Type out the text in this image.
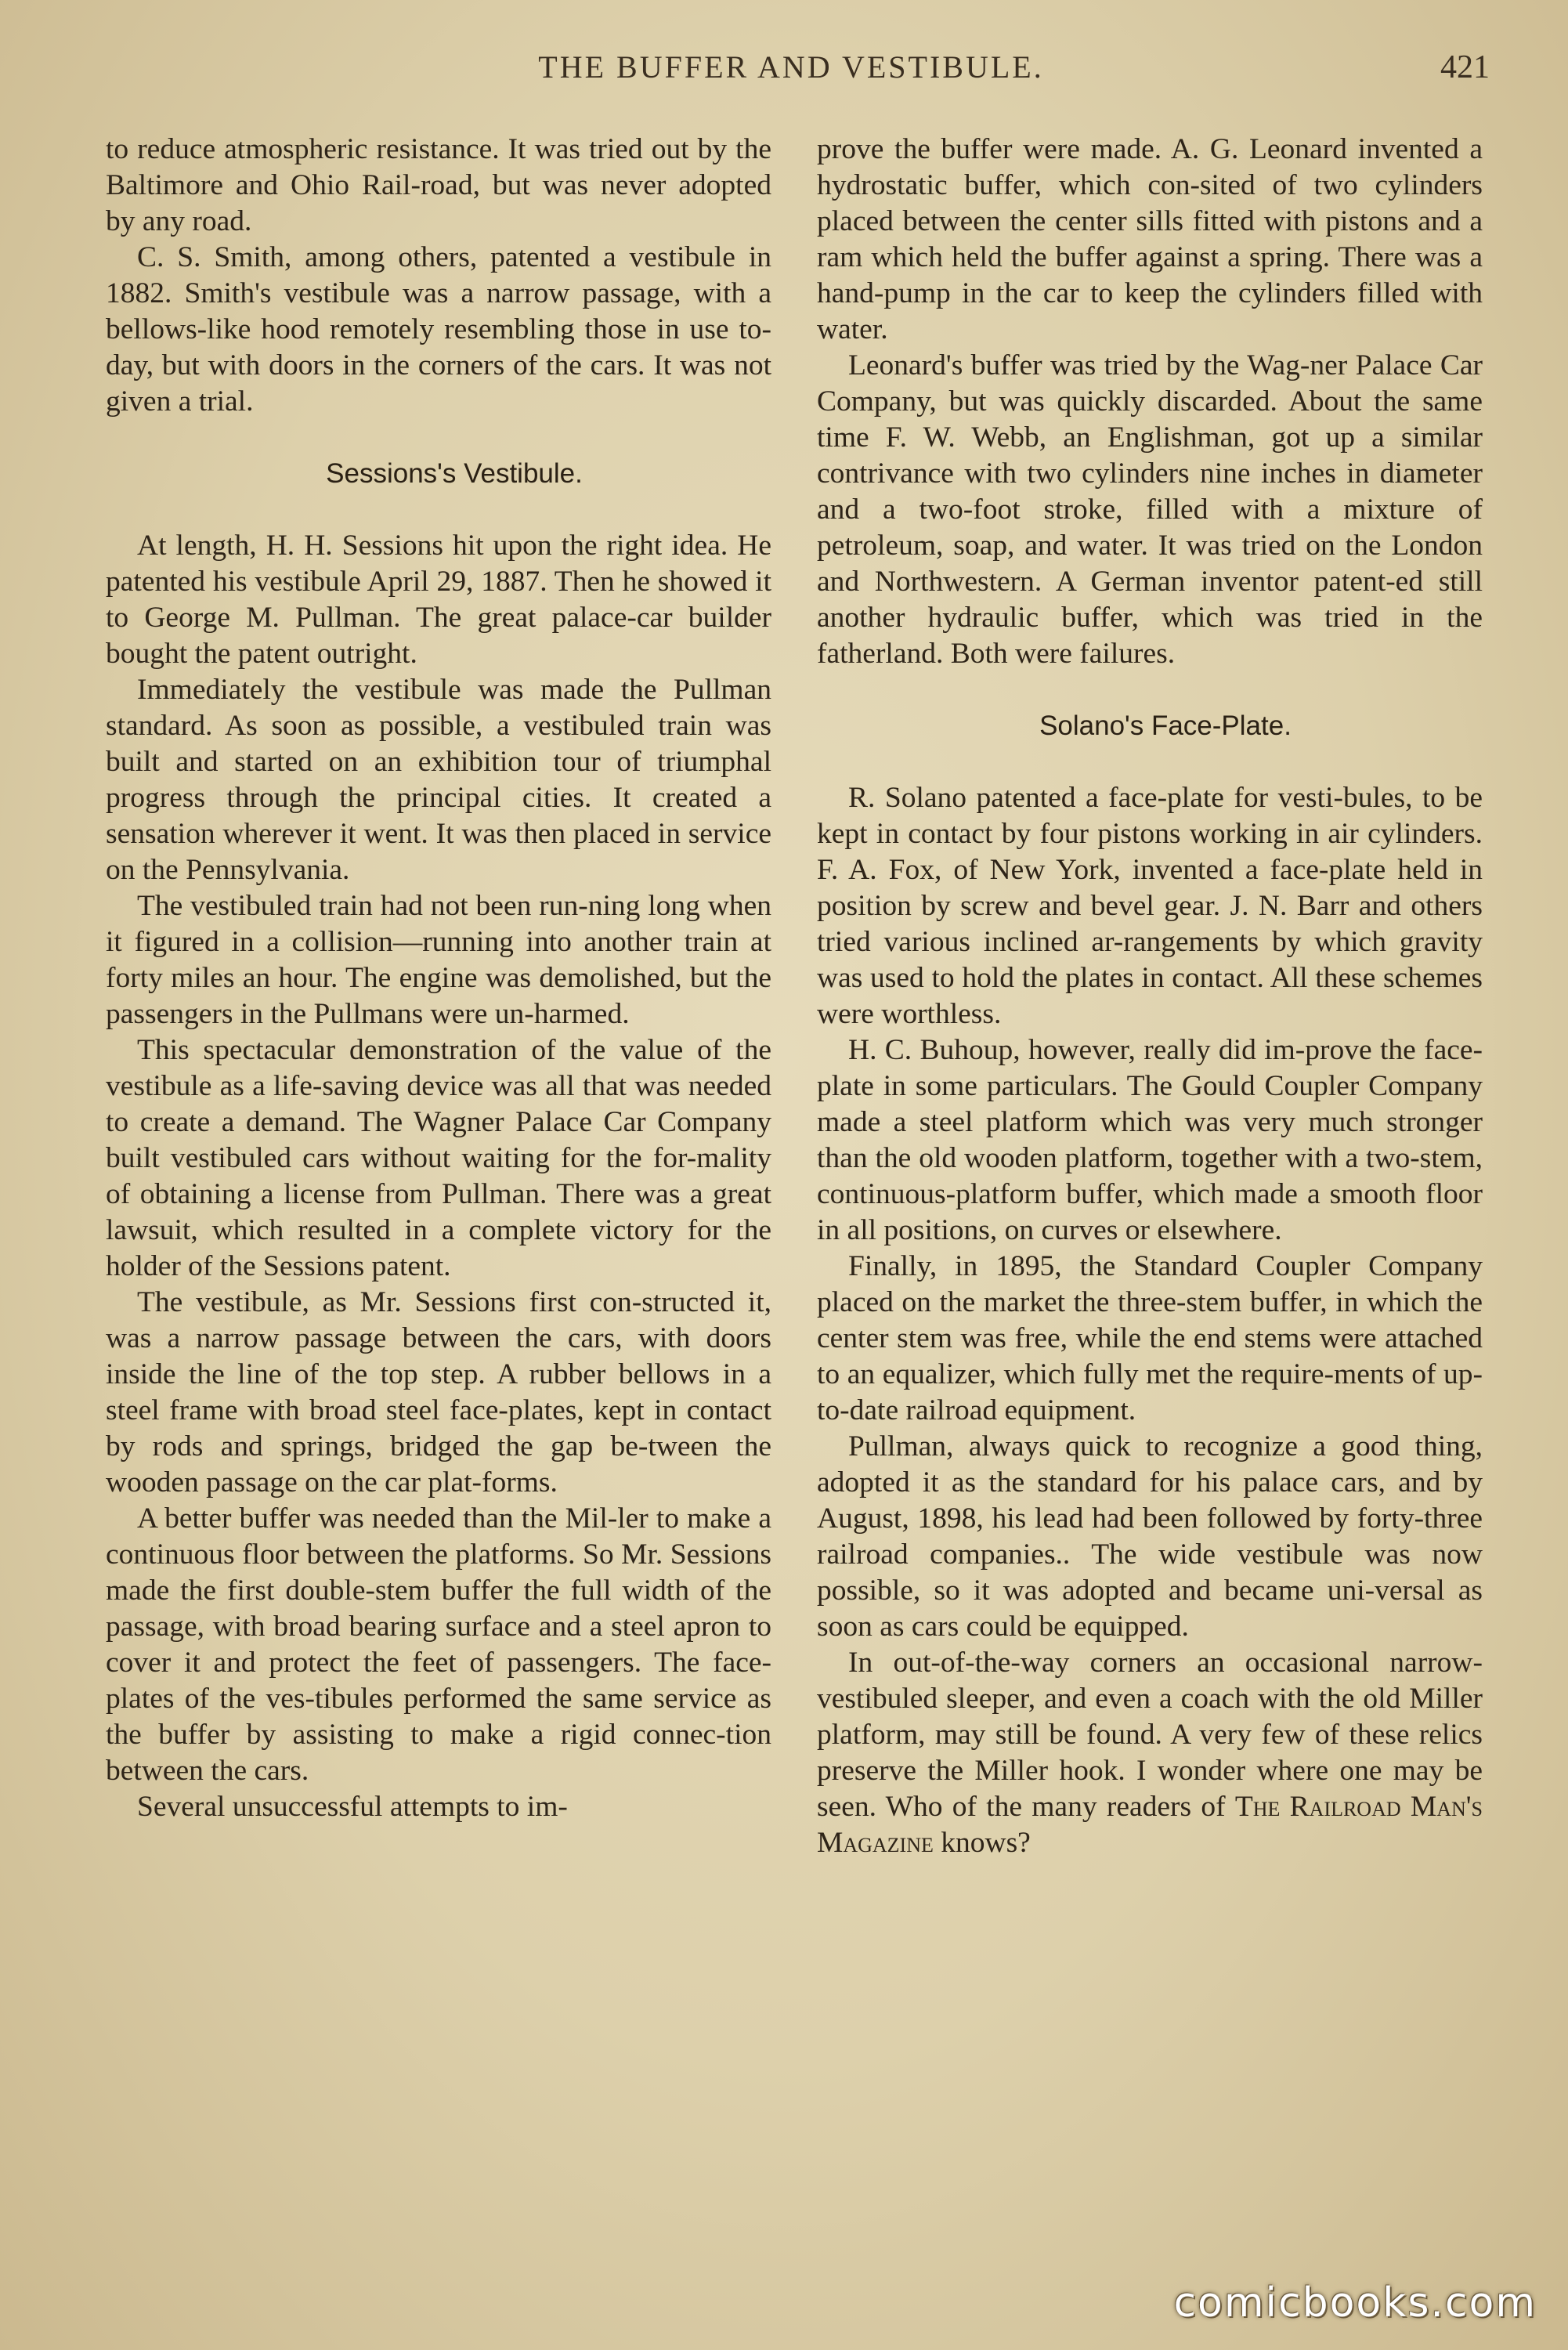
THE BUFFER AND VESTIBULE.	421

to reduce atmospheric resistance. It was tried out by the Baltimore and Ohio Rail-road, but was never adopted by any road.

C. S. Smith, among others, patented a vestibule in 1882. Smith's vestibule was a narrow passage, with a bellows-like hood remotely resembling those in use to-day, but with doors in the corners of the cars. It was not given a trial.

Sessions's Vestibule.

At length, H. H. Sessions hit upon the right idea. He patented his vestibule April 29, 1887. Then he showed it to George M. Pullman. The great palace-car builder bought the patent outright.

Immediately the vestibule was made the Pullman standard. As soon as possible, a vestibuled train was built and started on an exhibition tour of triumphal progress through the principal cities. It created a sensation wherever it went. It was then placed in service on the Pennsylvania.

The vestibuled train had not been run-ning long when it figured in a collision—running into another train at forty miles an hour. The engine was demolished, but the passengers in the Pullmans were un-harmed.

This spectacular demonstration of the value of the vestibule as a life-saving device was all that was needed to create a demand. The Wagner Palace Car Company built vestibuled cars without waiting for the for-mality of obtaining a license from Pullman. There was a great lawsuit, which resulted in a complete victory for the holder of the Sessions patent.

The vestibule, as Mr. Sessions first con-structed it, was a narrow passage between the cars, with doors inside the line of the top step. A rubber bellows in a steel frame with broad steel face-plates, kept in contact by rods and springs, bridged the gap be-tween the wooden passage on the car plat-forms.

A better buffer was needed than the Mil-ler to make a continuous floor between the platforms. So Mr. Sessions made the first double-stem buffer the full width of the passage, with broad bearing surface and a steel apron to cover it and protect the feet of passengers. The face-plates of the ves-tibules performed the same service as the buffer by assisting to make a rigid connec-tion between the cars.

Several unsuccessful attempts to im-

prove the buffer were made. A. G. Leonard invented a hydrostatic buffer, which con-sited of two cylinders placed between the center sills fitted with pistons and a ram which held the buffer against a spring. There was a hand-pump in the car to keep the cylinders filled with water.

Leonard's buffer was tried by the Wag-ner Palace Car Company, but was quickly discarded. About the same time F. W. Webb, an Englishman, got up a similar contrivance with two cylinders nine inches in diameter and a two-foot stroke, filled with a mixture of petroleum, soap, and water. It was tried on the London and Northwestern. A German inventor patent-ed still another hydraulic buffer, which was tried in the fatherland. Both were failures.

Solano's Face-Plate.

R. Solano patented a face-plate for vesti-bules, to be kept in contact by four pistons working in air cylinders. F. A. Fox, of New York, invented a face-plate held in position by screw and bevel gear. J. N. Barr and others tried various inclined ar-rangements by which gravity was used to hold the plates in contact. All these schemes were worthless.

H. C. Buhoup, however, really did im-prove the face-plate in some particulars. The Gould Coupler Company made a steel platform which was very much stronger than the old wooden platform, together with a two-stem, continuous-platform buffer, which made a smooth floor in all positions, on curves or elsewhere.

Finally, in 1895, the Standard Coupler Company placed on the market the three-stem buffer, in which the center stem was free, while the end stems were attached to an equalizer, which fully met the require-ments of up-to-date railroad equipment.

Pullman, always quick to recognize a good thing, adopted it as the standard for his palace cars, and by August, 1898, his lead had been followed by forty-three railroad companies.. The wide vestibule was now possible, so it was adopted and became uni-versal as soon as cars could be equipped.

In out-of-the-way corners an occasional narrow-vestibuled sleeper, and even a coach with the old Miller platform, may still be found. A very few of these relics preserve the Miller hook. I wonder where one may be seen. Who of the many readers of The Railroad Man's Magazine knows?

comicbooks.com
